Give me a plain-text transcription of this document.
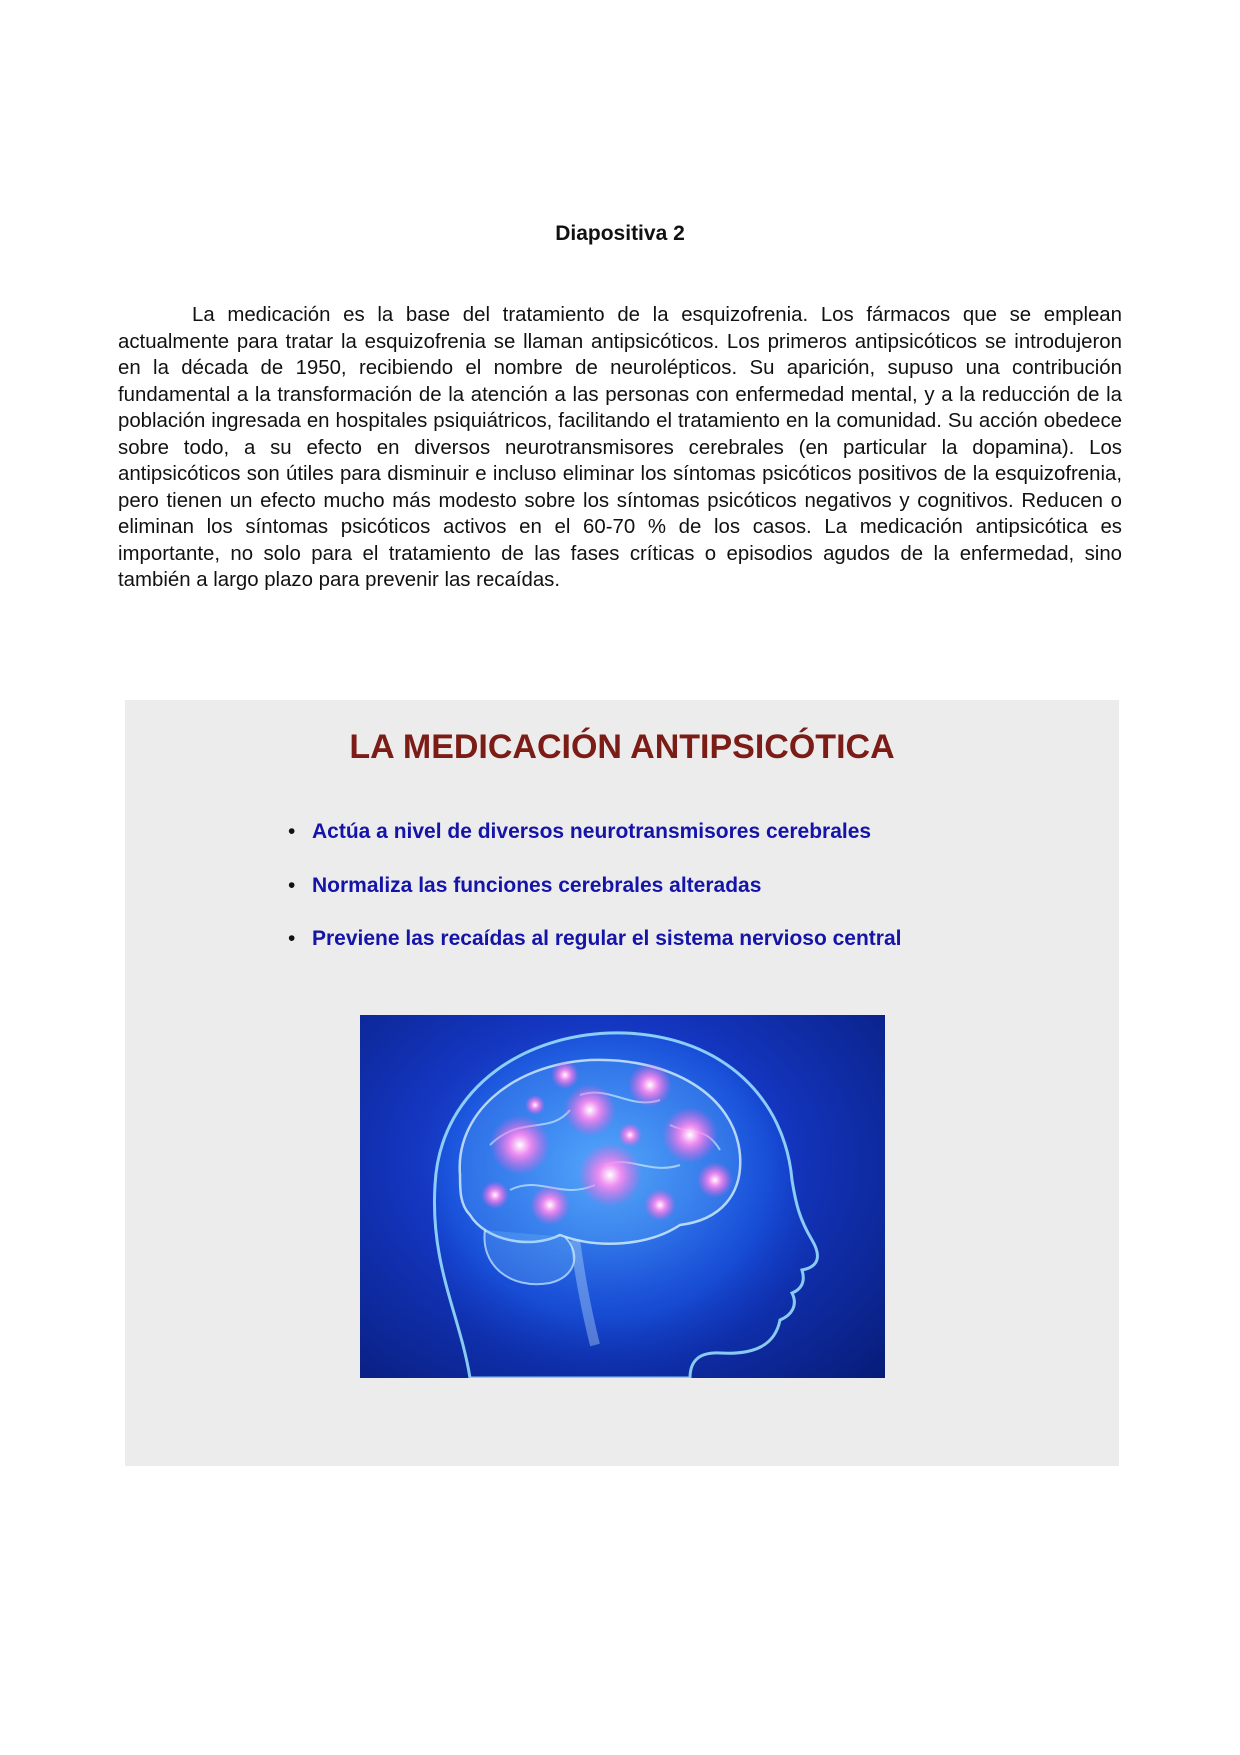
Diapositiva 2

La medicación es la base del tratamiento de la esquizofrenia. Los fármacos que se emplean actualmente para tratar la esquizofrenia se llaman antipsicóticos. Los primeros antipsicóticos se introdujeron en la década de 1950, recibiendo el nombre de neurolépticos. Su aparición, supuso una contribución fundamental a la transformación de la atención a las personas con enfermedad mental, y a la reducción de la población ingresada en hospitales psiquiátricos, facilitando el tratamiento en la comunidad. Su acción obedece sobre todo, a su efecto en diversos neurotransmisores cerebrales (en particular la dopamina). Los antipsicóticos son útiles para disminuir e incluso eliminar los síntomas psicóticos positivos de la esquizofrenia, pero tienen un efecto mucho más modesto sobre los síntomas psicóticos negativos y cognitivos. Reducen o eliminan los síntomas psicóticos activos en el 60-70 % de los casos. La medicación antipsicótica es importante, no solo para el tratamiento de las fases críticas o episodios agudos de la enfermedad, sino también a largo plazo para prevenir las recaídas.

LA MEDICACIÓN ANTIPSICÓTICA
• Actúa a nivel de diversos neurotransmisores cerebrales
• Normaliza las funciones cerebrales alteradas
• Previene las recaídas al regular el sistema nervioso central
